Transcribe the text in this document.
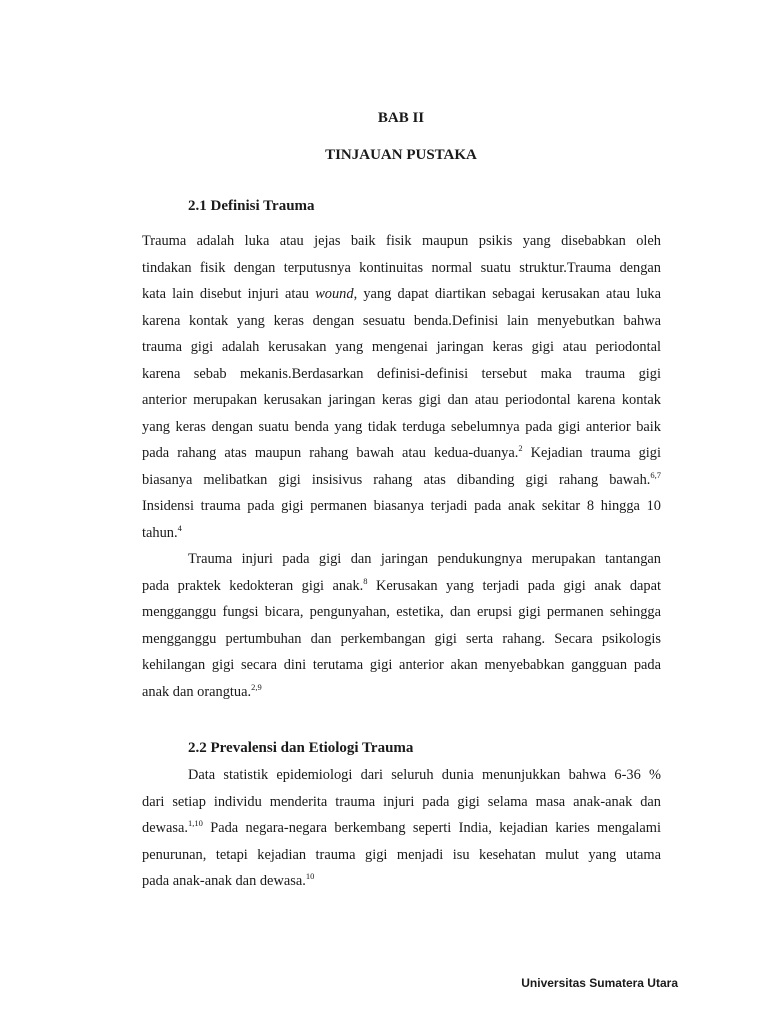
BAB II
TINJAUAN PUSTAKA
2.1 Definisi Trauma
Trauma adalah luka atau jejas baik fisik maupun psikis yang disebabkan oleh
tindakan fisik dengan terputusnya kontinuitas normal suatu struktur.Trauma dengan
kata lain disebut injuri atau wound, yang dapat diartikan sebagai kerusakan atau luka
karena kontak yang keras dengan sesuatu benda.Definisi lain menyebutkan bahwa
trauma gigi adalah kerusakan yang mengenai jaringan keras gigi atau periodontal
karena sebab mekanis.Berdasarkan definisi-definisi tersebut maka trauma gigi
anterior merupakan kerusakan jaringan keras gigi dan atau periodontal karena kontak
yang keras dengan suatu benda yang tidak terduga sebelumnya pada gigi anterior baik
pada rahang atas maupun rahang bawah atau kedua-duanya.$^2$ Kejadian trauma gigi
biasanya melibatkan gigi insisivus rahang atas dibanding gigi rahang bawah.$^{6,7}$
Insidensi trauma pada gigi permanen biasanya terjadi pada anak sekitar 8 hingga 10
tahun.$^4$
Trauma injuri pada gigi dan jaringan pendukungnya merupakan tantangan
pada praktek kedokteran gigi anak.$^8$ Kerusakan yang terjadi pada gigi anak dapat
mengganggu fungsi bicara, pengunyahan, estetika, dan erupsi gigi permanen sehingga
mengganggu pertumbuhan dan perkembangan gigi serta rahang. Secara psikologis
kehilangan gigi secara dini terutama gigi anterior akan menyebabkan gangguan pada
anak dan orangtua.$^{2,9}$
2.2 Prevalensi dan Etiologi Trauma
Data statistik epidemiologi dari seluruh dunia menunjukkan bahwa 6-36 %
dari setiap individu menderita trauma injuri pada gigi selama masa anak-anak dan
dewasa.$^{1,10}$ Pada negara-negara berkembang seperti India, kejadian karies mengalami
penurunan, tetapi kejadian trauma gigi menjadi isu kesehatan mulut yang utama
pada anak-anak dan dewasa.$^{10}$
Universitas Sumatera Utara
